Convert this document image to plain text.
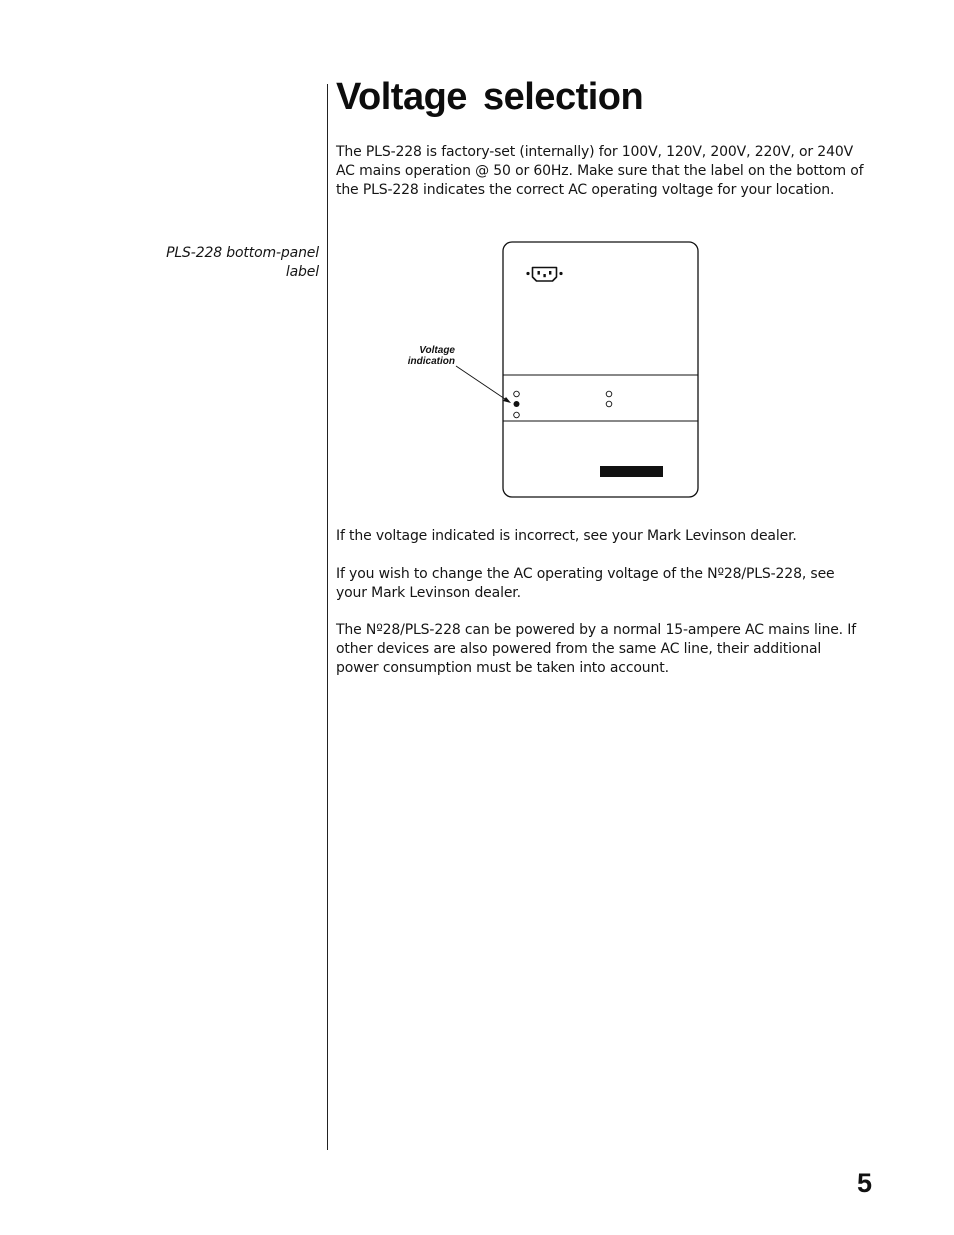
Voltage selection

The PLS-228 is factory-set (internally) for 100V, 120V, 200V, 220V, or 240V AC mains operation @ 50 or 60Hz. Make sure that the label on the bottom of the PLS-228 indicates the correct AC operating voltage for your location.

PLS-228 bottom-panel label

Voltage
indication

If the voltage indicated is incorrect, see your Mark Levinson dealer.

If you wish to change the AC operating voltage of the Nº28/PLS-228, see your Mark Levinson dealer.

The Nº28/PLS-228 can be powered by a normal 15-ampere AC mains line. If other devices are also powered from the same AC line, their additional power consumption must be taken into account.

5
